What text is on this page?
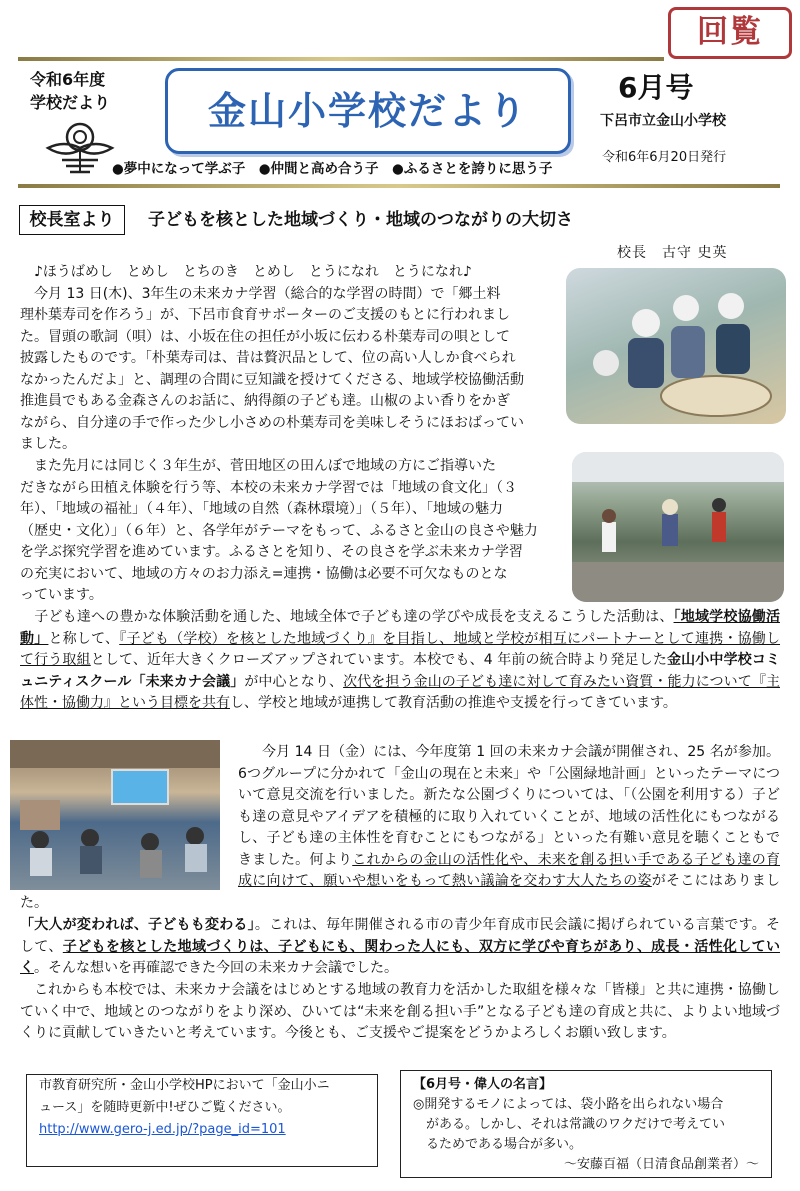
回覧
令和6年度
学校だより	金山小学校だより
6月号
下呂市立金山小学校
令和6年6月20日発行
●夢中になって学ぶ子　●仲間と高め合う子　●ふるさとを誇りに思う子
校長室より	子どもを核とした地域づくり・地域のつながりの大切さ
校長　古守 史英

　♪ほうばめし　とめし　とちのき　とめし　とうになれ　とうになれ♪

　今月 13 日(木)、3年生の未来カナ学習（総合的な学習の時間）で「郷土料

理朴葉寿司を作ろう」が、下呂市食育サポーターのご支援のもとに行われまし

た。冒頭の歌詞（唄）は、小坂在住の担任が小坂に伝わる朴葉寿司の唄として

披露したものです。「朴葉寿司は、昔は贅沢品として、位の高い人しか食べられ

なかったんだよ」と、調理の合間に豆知識を授けてくださる、地域学校協働活動

推進員でもある金森さんのお話に、納得顔の子ども達。山椒のよい香りをかぎ

ながら、自分達の手で作った少し小さめの朴葉寿司を美味しそうにほおばってい

ました。

　また先月には同じく３年生が、菅田地区の田んぼで地域の方にご指導いた

だきながら田植え体験を行う等、本校の未来カナ学習では「地域の食文化」（３

年）、「地域の福祉」（４年）、「地域の自然（森林環境）」（５年）、「地域の魅力

（歴史・文化）」（６年）と、各学年がテーマをもって、ふるさと金山の良さや魅力

を学ぶ探究学習を進めています。ふるさとを知り、その良さを学ぶ未来カナ学習

の充実において、地域の方々のお力添え=連携・協働は必要不可欠なものとな

っています。

　子ども達への豊かな体験活動を通した、地域全体で子ども達の学びや成長を支えるこうした活動は、「地域学校協働活動」と称して、『子ども（学校）を核とした地域づくり』を目指し、地域と学校が相互にパートナーとして連携・協働して行う取組として、近年大きくクローズアップされています。本校でも、4 年前の統合時より発足した金山小中学校コミュニティスクール「未来カナ会議」が中心となり、次代を担う金山の子ども達に対して育みたい資質・能力について『主体性・協働力』という目標を共有し、学校と地域が連携して教育活動の推進や支援を行ってきています。
今月 14 日（金）には、今年度第 1 回の未来カナ会議が開催され、25 名が参加。6つグループに分かれて「金山の現在と未来」や「公園緑地計画」といったテーマについて意見交流を行いました。新たな公園づくりについては、「（公園を利用する）子ども達の意見やアイデアを積極的に取り入れていくことが、地域の活性化にもつながるし、子ども達の主体性を育むことにもつながる」といった有難い意見を聴くこともできました。何よりこれからの金山の活性化や、未来を創る担い手である子ども達の育成に向けて、願いや想いをもって熱い議論を交わす大人たちの姿がそこにはありました。
「大人が変われば、子どもも変わる」。これは、毎年開催される市の青少年育成市民会議に掲げられている言葉です。そして、子どもを核とした地域づくりは、子どもにも、関わった人にも、双方に学びや育ちがあり、成長・活性化していく。そんな想いを再確認できた今回の未来カナ会議でした。
　これからも本校では、未来カナ会議をはじめとする地域の教育力を活かした取組を様々な「皆様」と共に連携・協働していく中で、地域とのつながりをより深め、ひいては“未来を創る担い手”となる子ども達の育成と共に、よりよい地域づくりに貢献していきたいと考えています。今後とも、ご支援やご提案をどうかよろしくお願い致します。
市教育研究所・金山小学校HPにおいて「金山小ニ
ュース」を随時更新中!ぜひご覧ください。
http://www.gero-j.ed.jp/?page_id=101
【6月号・偉人の名言】
◎開発するモノによっては、袋小路を出られない場合
　がある。しかし、それは常識のワクだけで考えてい
　るためである場合が多い。
～安藤百福（日清食品創業者）～
